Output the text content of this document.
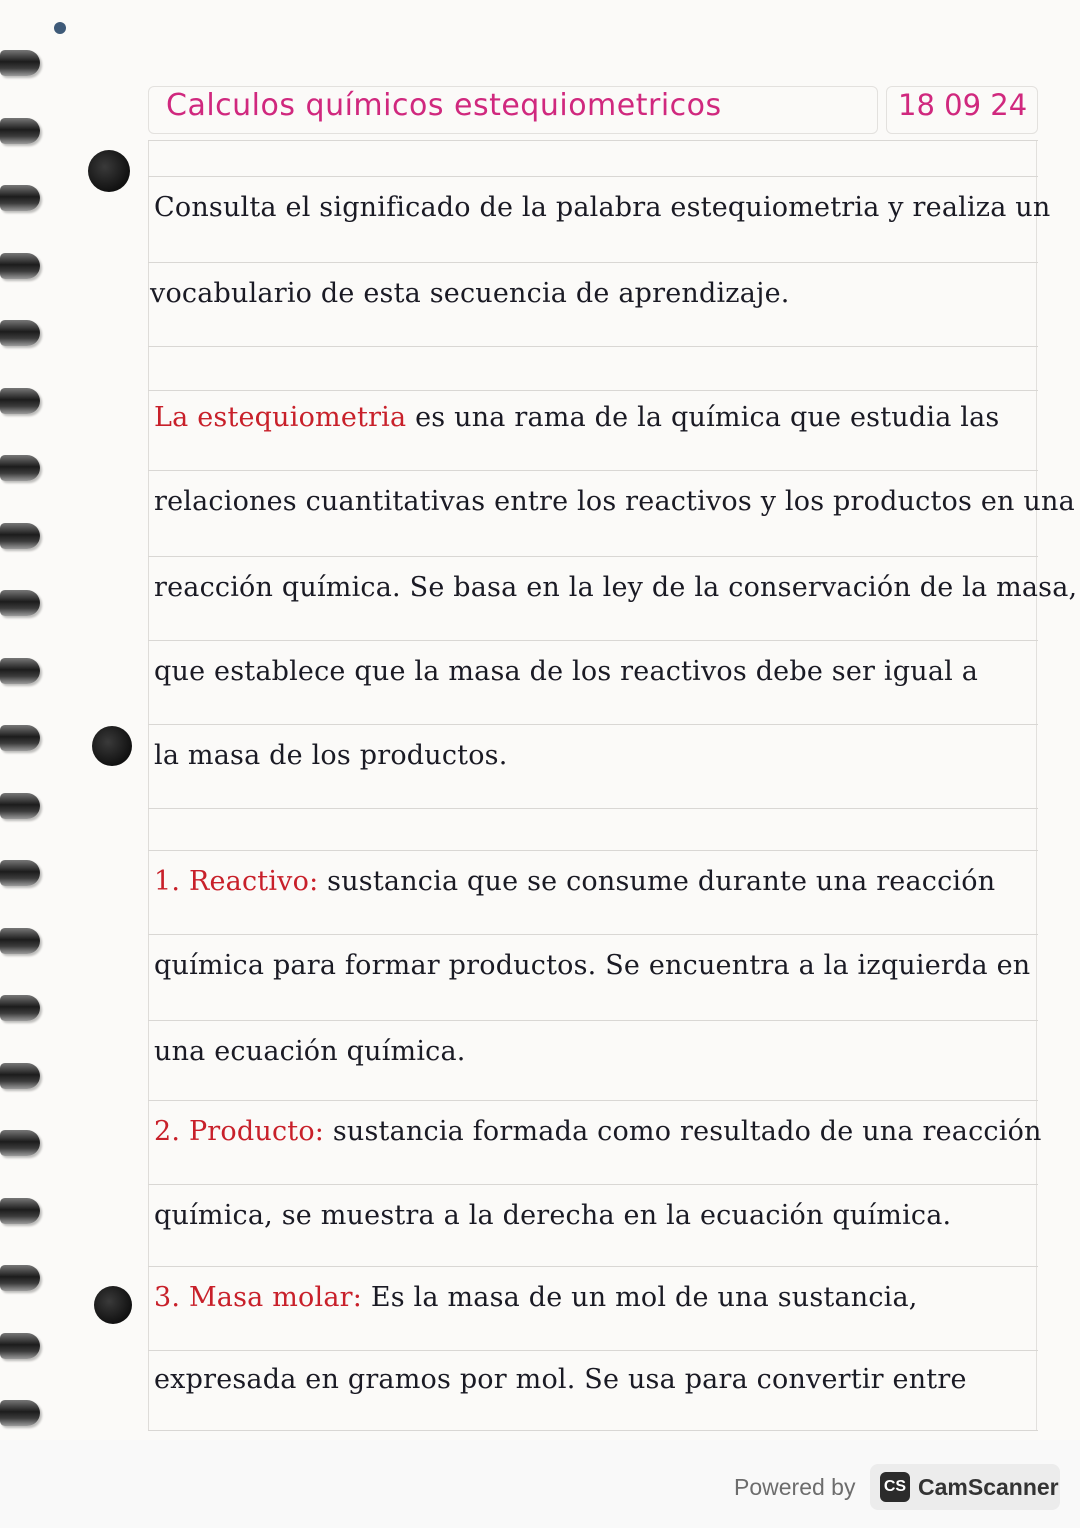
Calculos químicos estequiometricos	18 09 24
Consulta el significado de la palabra estequiometria y realiza un
vocabulario de esta secuencia de aprendizaje.
La estequiometria es una rama de la química que estudia las
relaciones cuantitativas entre los reactivos y los productos en una
reacción química. Se basa en la ley de la conservación de la masa,
que establece que la masa de los reactivos debe ser igual a
la masa de los productos.
1. Reactivo: sustancia que se consume durante una reacción
química para formar productos. Se encuentra a la izquierda en
una ecuación química.
2. Producto: sustancia formada como resultado de una reacción
química, se muestra a la derecha en la ecuación química.
3. Masa molar: Es la masa de un mol de una sustancia,
expresada en gramos por mol. Se usa para convertir entre
Powered by CS CamScanner
